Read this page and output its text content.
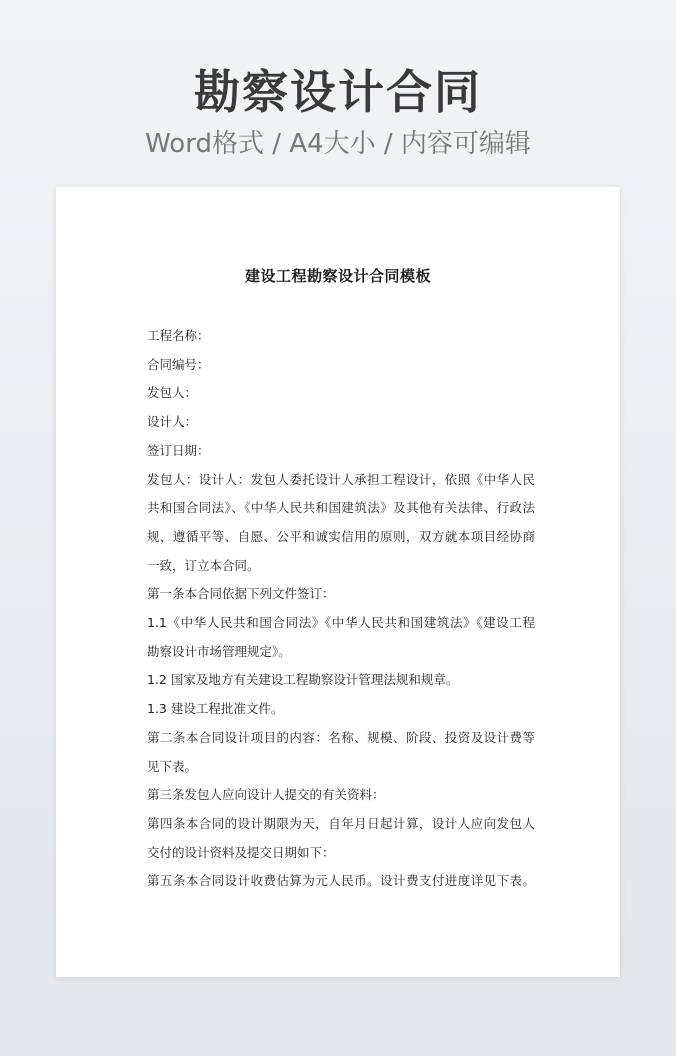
勘察设计合同
Word格式 / A4大小 / 内容可编辑
建设工程勘察设计合同模板
工程名称：
合同编号：
发包人：
设计人：
签订日期：
发包人：设计人：发包人委托设计人承担工程设计，依照《中华人民
共和国合同法》、《中华人民共和国建筑法》及其他有关法律、行政法
规，遵循平等、自愿、公平和诚实信用的原则，双方就本项目经协商
一致，订立本合同。
第一条本合同依据下列文件签订：
1.1《中华人民共和国合同法》《中华人民共和国建筑法》《建设工程
勘察设计市场管理规定》。
1.2 国家及地方有关建设工程勘察设计管理法规和规章。
1.3 建设工程批准文件。
第二条本合同设计项目的内容：名称、规模、阶段、投资及设计费等
见下表。
第三条发包人应向设计人提交的有关资料：
第四条本合同的设计期限为天，自年月日起计算，设计人应向发包人
交付的设计资料及提交日期如下：
第五条本合同设计收费估算为元人民币。设计费支付进度详见下表。
